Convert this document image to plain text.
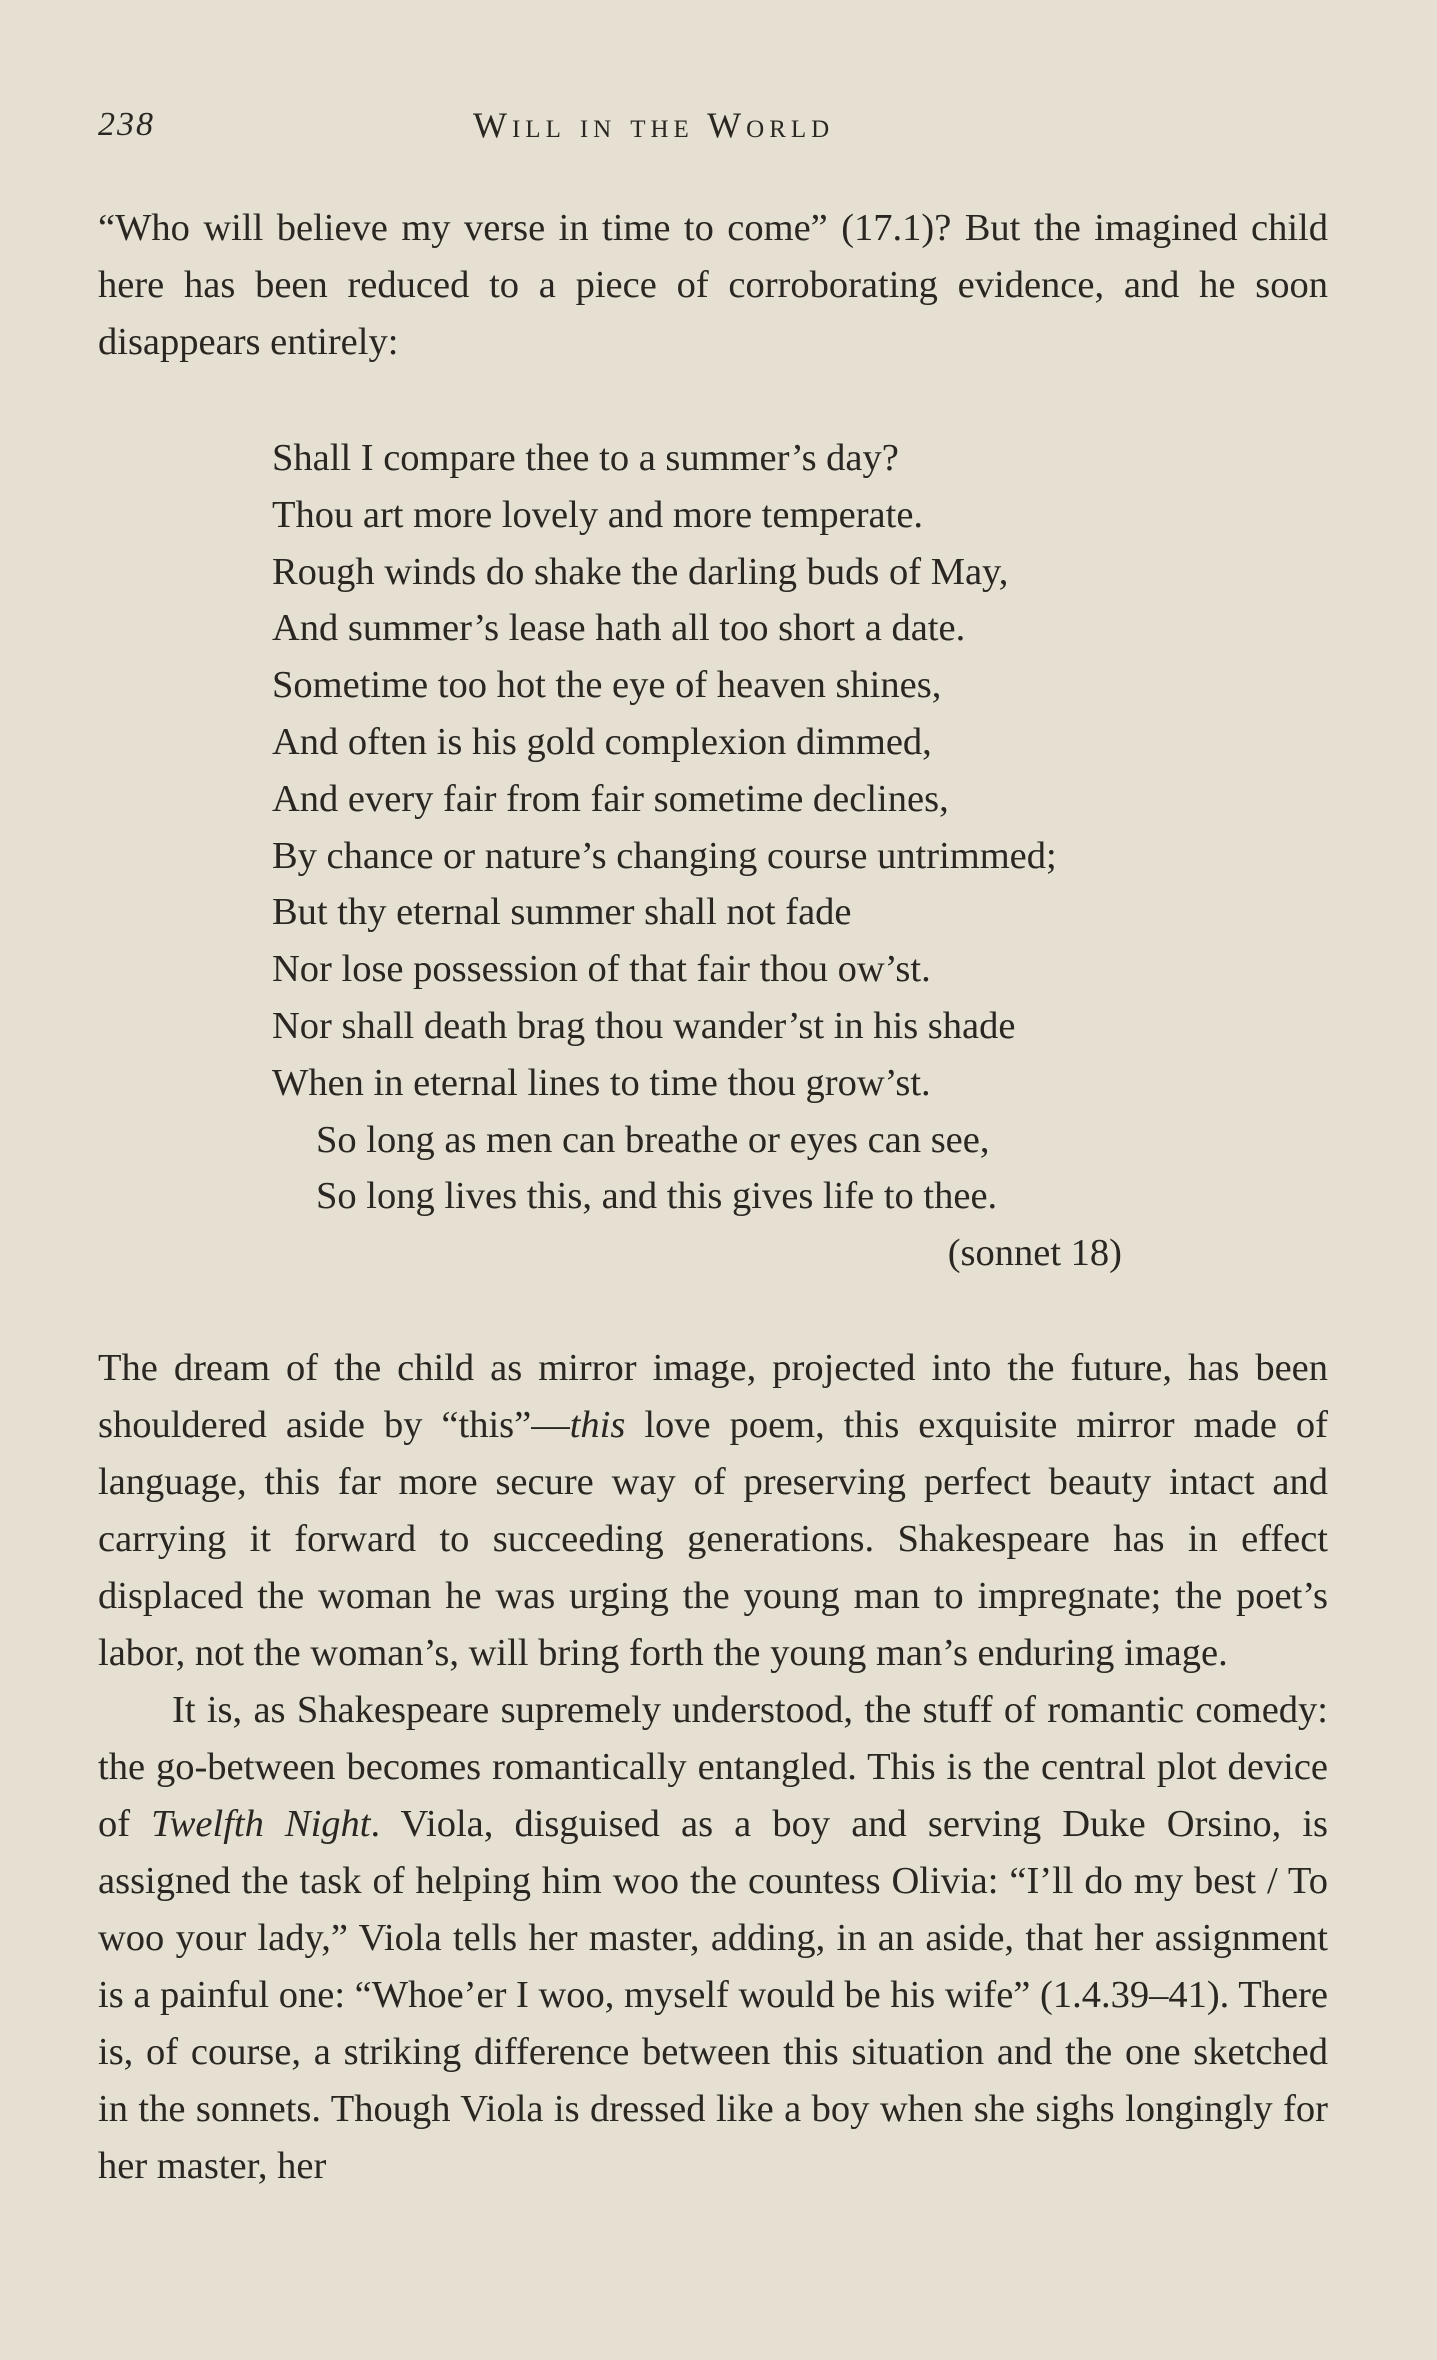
238	Will in the World

“Who will believe my verse in time to come” (17.1)? But the imagined child here has been reduced to a piece of corroborating evidence, and he soon disappears entirely:

Shall I compare thee to a summer’s day?
Thou art more lovely and more temperate.
Rough winds do shake the darling buds of May,
And summer’s lease hath all too short a date.
Sometime too hot the eye of heaven shines,
And often is his gold complexion dimmed,
And every fair from fair sometime declines,
By chance or nature’s changing course untrimmed;
But thy eternal summer shall not fade
Nor lose possession of that fair thou ow’st.
Nor shall death brag thou wander’st in his shade
When in eternal lines to time thou grow’st.
So long as men can breathe or eyes can see,
So long lives this, and this gives life to thee.
(sonnet 18)

The dream of the child as mirror image, projected into the future, has been shouldered aside by “this”—this love poem, this exquisite mirror made of language, this far more secure way of preserving perfect beauty intact and carrying it forward to succeeding generations. Shakespeare has in effect displaced the woman he was urging the young man to impregnate; the poet’s labor, not the woman’s, will bring forth the young man’s enduring image.

It is, as Shakespeare supremely understood, the stuff of romantic comedy: the go-between becomes romantically entangled. This is the central plot device of Twelfth Night. Viola, disguised as a boy and serving Duke Orsino, is assigned the task of helping him woo the countess Olivia: “I’ll do my best / To woo your lady,” Viola tells her master, adding, in an aside, that her assignment is a painful one: “Whoe’er I woo, myself would be his wife” (1.4.39–41). There is, of course, a striking difference between this situation and the one sketched in the sonnets. Though Viola is dressed like a boy when she sighs longingly for her master, her
